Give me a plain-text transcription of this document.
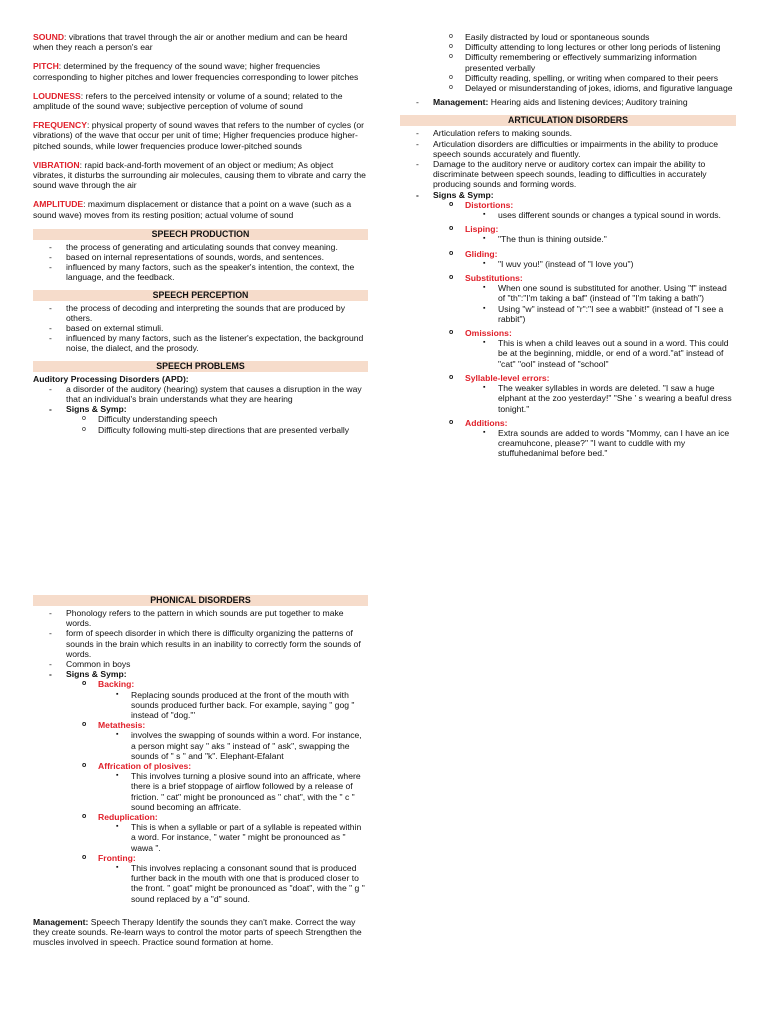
SOUND: vibrations that travel through the air or another medium and can be heard when they reach a person's ear

PITCH: determined by the frequency of the sound wave; higher frequencies corresponding to higher pitches and lower frequencies corresponding to lower pitches

LOUDNESS: refers to the perceived intensity or volume of a sound; related to the amplitude of the sound wave; subjective perception of volume of sound

FREQUENCY: physical property of sound waves that refers to the number of cycles (or vibrations) of the wave that occur per unit of time; Higher frequencies produce higher-pitched sounds, while lower frequencies produce lower-pitched sounds

VIBRATION: rapid back-and-forth movement of an object or medium; As object vibrates, it disturbs the surrounding air molecules, causing them to vibrate and carry the sound wave through the air

AMPLITUDE: maximum displacement or distance that a point on a wave (such as a sound wave) moves from its resting position; actual volume of sound

SPEECH PRODUCTION
- the process of generating and articulating sounds that convey meaning.
- based on internal representations of sounds, words, and sentences.
- influenced by many factors, such as the speaker's intention, the context, the language, and the feedback.
SPEECH PERCEPTION
- the process of decoding and interpreting the sounds that are produced by others.
- based on external stimuli.
- influenced by many factors, such as the listener's expectation, the background noise, the dialect, and the prosody.
SPEECH PROBLEMS
Auditory Processing Disorders (APD):
- a disorder of the auditory (hearing) system that causes a disruption in the way that an individual's brain understands what they are hearing
- Signs & Symp:
o Difficulty understanding speech
o Difficulty following multi-step directions that are presented verbally
PHONICAL DISORDERS
- Phonology refers to the pattern in which sounds are put together to make words.
- form of speech disorder in which there is difficulty organizing the patterns of sounds in the brain which results in an inability to correctly form the sounds of words.
- Common in boys
- Signs & Symp:
o Backing:
▪ Replacing sounds produced at the front of the mouth with sounds produced further back. For example, saying " gog " instead of "dog."'
o Metathesis:
▪ involves the swapping of sounds within a word. For instance, a person might say " aks " instead of " ask", swapping the sounds of " s " and "k". Elephant-Efalant
o Affrication of plosives:
▪ This involves turning a plosive sound into an affricate, where there is a brief stoppage of airflow followed by a release of friction. " cat" might be pronounced as " chat", with the " c " sound becoming an affricate.
o Reduplication:
▪ This is when a syllable or part of a syllable is repeated within a word. For instance, " water " might be pronounced as " wawa ".
o Fronting:
▪ This involves replacing a consonant sound that is produced further back in the mouth with one that is produced closer to the front. " goat" might be pronounced as "doat", with the " g " sound replaced by a "d" sound.

Management: Speech Therapy Identify the sounds they can't make. Correct the way they create sounds. Re-learn ways to control the motor parts of speech Strengthen the muscles involved in speech. Practice sound formation at home.

o Easily distracted by loud or spontaneous sounds
o Difficulty attending to long lectures or other long periods of listening
o Difficulty remembering or effectively summarizing information presented verbally
o Difficulty reading, spelling, or writing when compared to their peers
o Delayed or misunderstanding of jokes, idioms, and figurative language
- Management: Hearing aids and listening devices; Auditory training
ARTICULATION DISORDERS
- Articulation refers to making sounds.
- Articulation disorders are difficulties or impairments in the ability to produce speech sounds accurately and fluently.
- Damage to the auditory nerve or auditory cortex can impair the ability to discriminate between speech sounds, leading to difficulties in accurately producing sounds and forming words.
- Signs & Symp:
o Distortions:
▪ uses different sounds or changes a typical sound in words.
o Lisping:
▪ "The thun is thining outside."
o Gliding:
▪ "I wuv you!" (instead of "I love you")
o Substitutions:
▪ When one sound is substituted for another. Using "f" instead of "th":"I'm taking a baf" (instead of "I'm taking a bath")
▪ Using "w" instead of "r":"I see a wabbit!" (instead of "I see a rabbit")
o Omissions:
▪ This is when a child leaves out a sound in a word. This could be at the beginning, middle, or end of a word."at" instead of "cat" "ool" instead of "school"
o Syllable-level errors:
▪ The weaker syllables in words are deleted. "I saw a huge elphant at the zoo yesterday!" "She ' s wearing a beaful dress tonight."
o Additions:
▪ Extra sounds are added to words "Mommy, can I have an ice creamuhcone, please?" "I want to cuddle with my stuffuhedanimal before bed."
